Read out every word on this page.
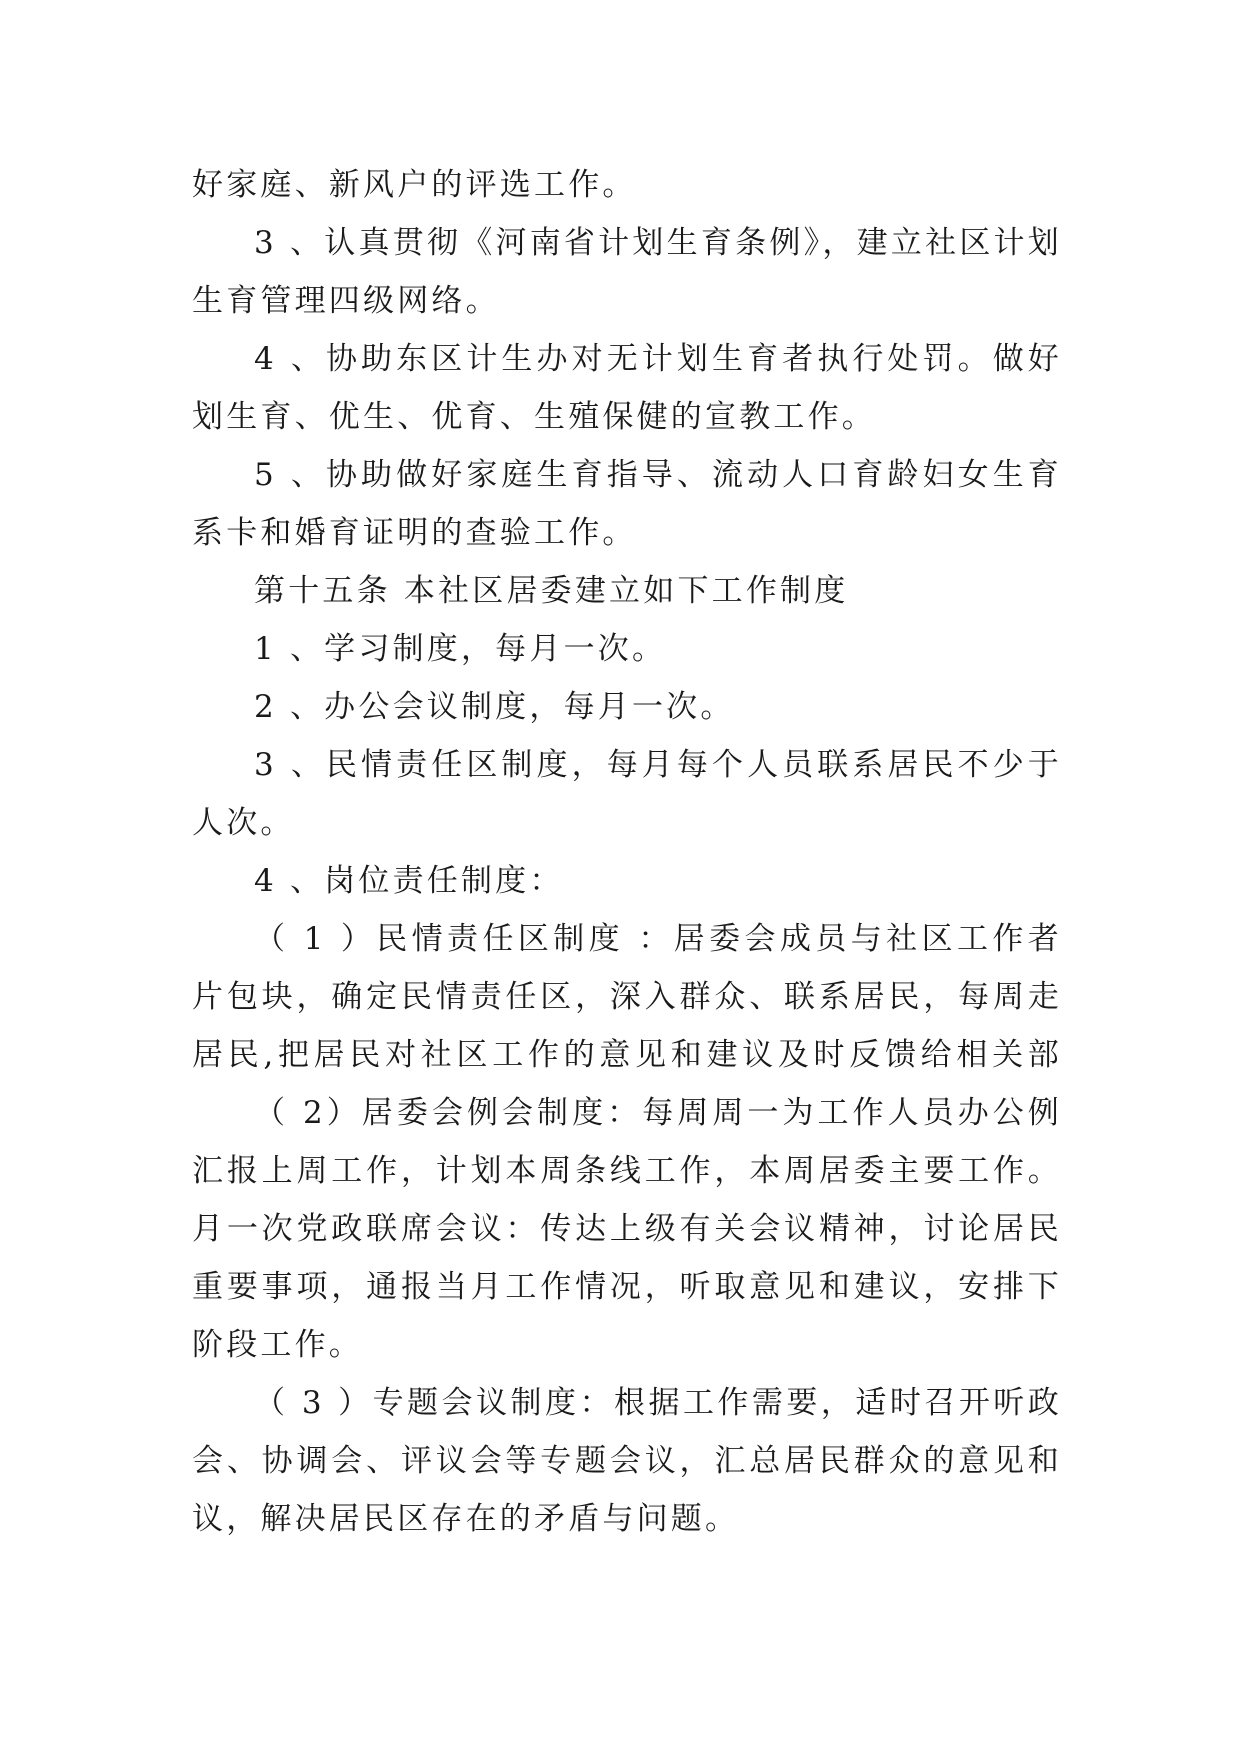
好家庭、新风户的评选工作。
3 、认真贯彻《河南省计划生育条例》，建立社区计划
生育管理四级网络。
4 、协助东区计生办对无计划生育者执行处罚。做好
划生育、优生、优育、生殖保健的宣教工作。
5 、协助做好家庭生育指导、流动人口育龄妇女生育
系卡和婚育证明的查验工作。
第十五条 本社区居委建立如下工作制度
1 、学习制度，每月一次。
2 、办公会议制度，每月一次。
3 、民情责任区制度，每月每个人员联系居民不少于
人次。
4 、岗位责任制度：
（ 1 ）民情责任区制度 ：居委会成员与社区工作者
片包块，确定民情责任区，深入群众、联系居民，每周走
居民,把居民对社区工作的意见和建议及时反馈给相关部
（ 2）居委会例会制度：每周周一为工作人员办公例
汇报上周工作，计划本周条线工作，本周居委主要工作。
月一次党政联席会议：传达上级有关会议精神，讨论居民
重要事项，通报当月工作情况，听取意见和建议，安排下
阶段工作。
（ 3 ）专题会议制度：根据工作需要，适时召开听政
会、协调会、评议会等专题会议，汇总居民群众的意见和
议，解决居民区存在的矛盾与问题。
